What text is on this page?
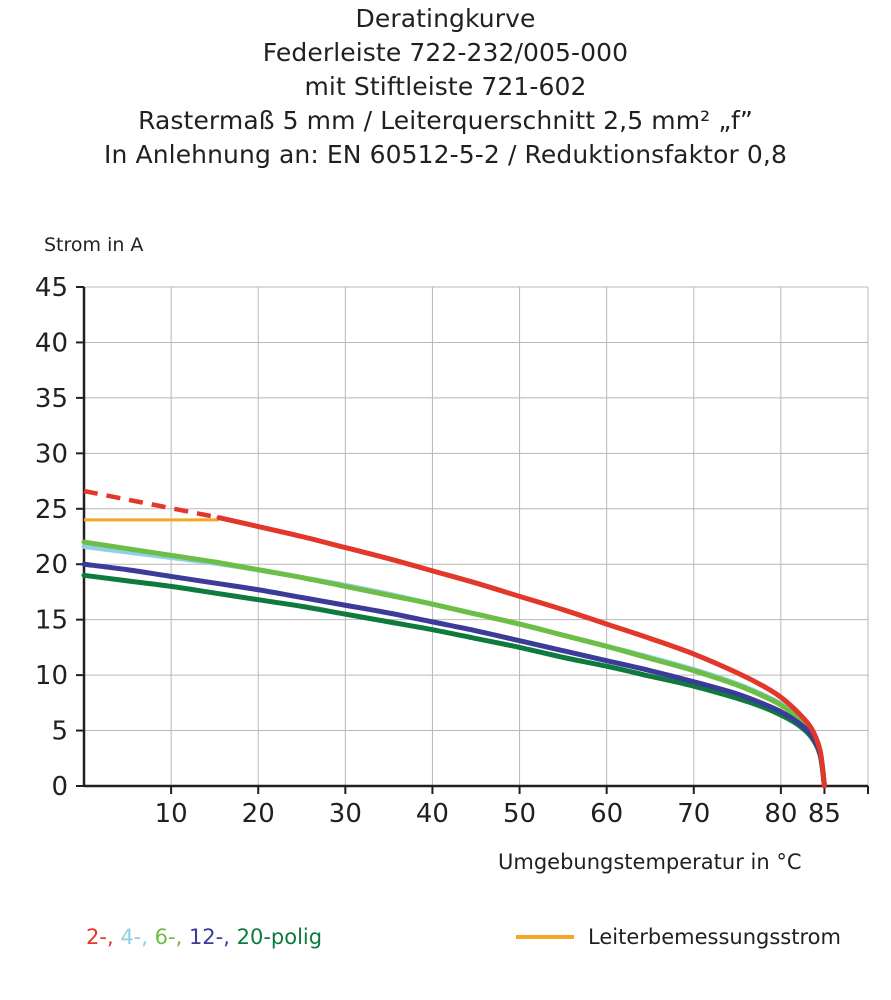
Deratingkurve
Federleiste 722-232/005-000
mit Stiftleiste 721-602
Rastermaß 5 mm / Leiterquerschnitt 2,5 mm² „f”
In Anlehnung an: EN 60512-5-2 / Reduktionsfaktor 0,8
Strom in A
Umgebungstemperatur in °C
0
5
10
15
20
25
30
35
40
45
10 20 30 40 50 60 70 80 85
2-, 4-, 6-, 12-, 20-polig	Leiterbemessungsstrom
